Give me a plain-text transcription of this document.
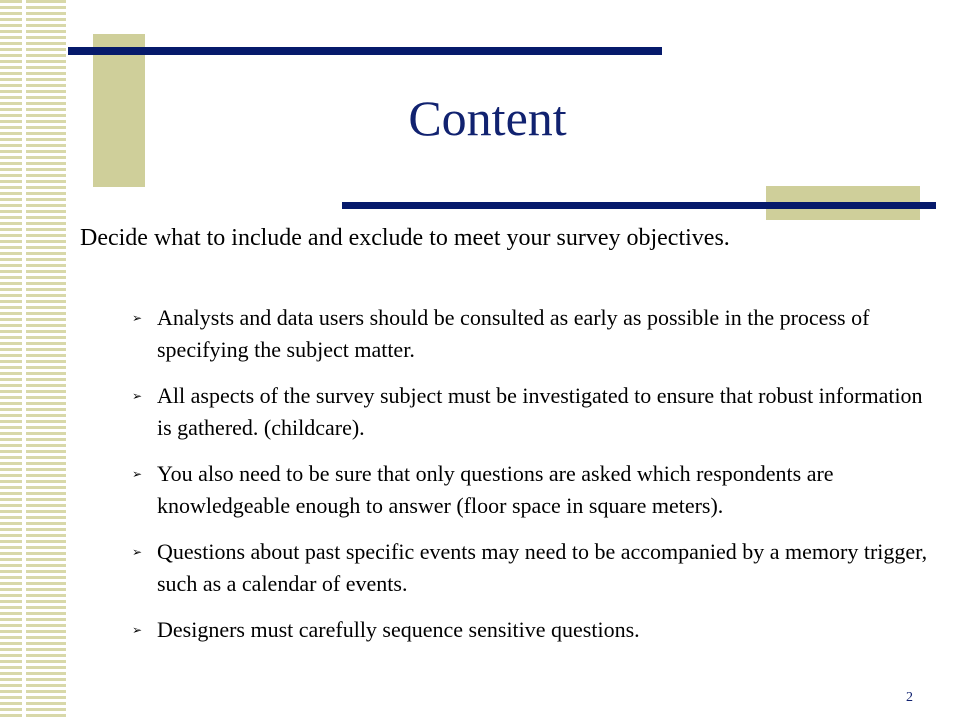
Content
Decide what to include and exclude to meet your survey objectives.
➢ Analysts and data users should be consulted as early as possible in the process of specifying the subject matter.
➢ All aspects of the survey subject must be investigated to ensure that robust information is gathered. (childcare).
➢ You also need to be sure that only questions are asked which respondents are knowledgeable enough to answer (floor space in square meters).
➢ Questions about past specific events may need to be accompanied by a memory trigger, such as a calendar of events.
➢ Designers must carefully sequence sensitive questions.
2
